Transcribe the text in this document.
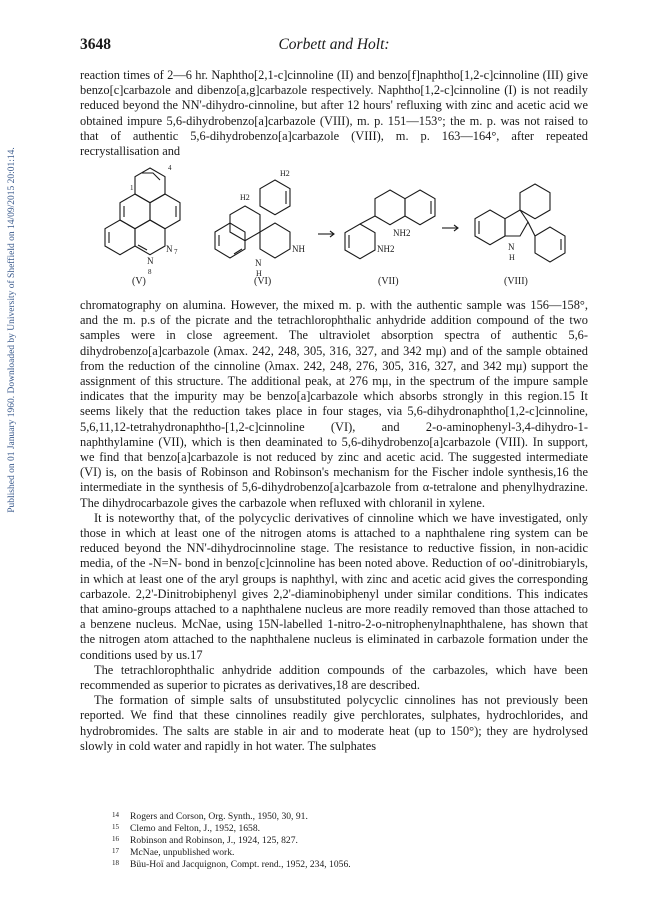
Published on 01 January 1960. Downloaded by University of Sheffield on 14/09/2015 20:01:14.
3648	Corbett and Holt:

reaction times of 2—6 hr. Naphtho[2,1-c]cinnoline (II) and benzo[f]naphtho[1,2-c]cinnoline (III) give benzo[c]carbazole and dibenzo[a,g]carbazole respectively. Naphtho[1,2-c]cinnoline (I) is not readily reduced beyond the NN'-dihydro-cinnoline, but after 12 hours' refluxing with zinc and acetic acid we obtained impure 5,6-dihydrobenzo[a]carbazole (VIII), m. p. 151—153°; the m. p. was not raised to that of authentic 5,6-dihydrobenzo[a]carbazole (VIII), m. p. 163—164°, after repeated recrystallisation and

1
4
N 7
N
8
H2
H2
NH
N
H
NH2
NH2	N
H
(V)	(VI)	(VII)	(VIII)

chromatography on alumina. However, the mixed m. p. with the authentic sample was 156—158°, and the m. p.s of the picrate and the tetrachlorophthalic anhydride addition compound of the two samples were in close agreement. The ultraviolet absorption spectra of authentic 5,6-dihydrobenzo[a]carbazole (λmax. 242, 248, 305, 316, 327, and 342 mμ) and of the sample obtained from the reduction of the cinnoline (λmax. 242, 248, 276, 305, 316, 327, and 342 mμ) support the assignment of this structure. The additional peak, at 276 mμ, in the spectrum of the impure sample indicates that the impurity may be benzo[a]carbazole which absorbs strongly in this region.15 It seems likely that the reduction takes place in four stages, via 5,6-dihydronaphtho[1,2-c]cinnoline, 5,6,11,12-tetrahydronaphtho-[1,2-c]cinnoline (VI), and 2-o-aminophenyl-3,4-dihydro-1-naphthylamine (VII), which is then deaminated to 5,6-dihydrobenzo[a]carbazole (VIII). In support, we find that benzo[a]carbazole is not reduced by zinc and acetic acid. The suggested intermediate (VI) is, on the basis of Robinson and Robinson's mechanism for the Fischer indole synthesis,16 the intermediate in the synthesis of 5,6-dihydrobenzo[a]carbazole from α-tetralone and phenylhydrazine. The dihydrocarbazole gives the carbazole when refluxed with chloranil in xylene.

It is noteworthy that, of the polycyclic derivatives of cinnoline which we have investigated, only those in which at least one of the nitrogen atoms is attached to a naphthalene ring system can be reduced beyond the NN'-dihydrocinnoline stage. The resistance to reductive fission, in non-acidic media, of the -N=N- bond in benzo[c]cinnoline has been noted above. Reduction of oo'-dinitrobiaryls, in which at least one of the aryl groups is naphthyl, with zinc and acetic acid gives the corresponding carbazole. 2,2'-Dinitrobiphenyl gives 2,2'-diaminobiphenyl under similar conditions. This indicates that amino-groups attached to a naphthalene nucleus are more readily removed than those attached to a benzene nucleus. McNae, using 15N-labelled 1-nitro-2-o-nitrophenylnaphthalene, has shown that the nitrogen atom attached to the naphthalene nucleus is eliminated in carbazole formation under the conditions used by us.17

The tetrachlorophthalic anhydride addition compounds of the carbazoles, which have been recommended as superior to picrates as derivatives,18 are described.

The formation of simple salts of unsubstituted polycyclic cinnolines has not previously been reported. We find that these cinnolines readily give perchlorates, sulphates, hydrochlorides, and hydrobromides. The salts are stable in air and to moderate heat (up to 150°); they are hydrolysed slowly in cold water and rapidly in hot water. The sulphates

14 Rogers and Corson, Org. Synth., 1950, 30, 91.
15 Clemo and Felton, J., 1952, 1658.
16 Robinson and Robinson, J., 1924, 125, 827.
17 McNae, unpublished work.
18 Büu-Hoï and Jacquignon, Compt. rend., 1952, 234, 1056.
